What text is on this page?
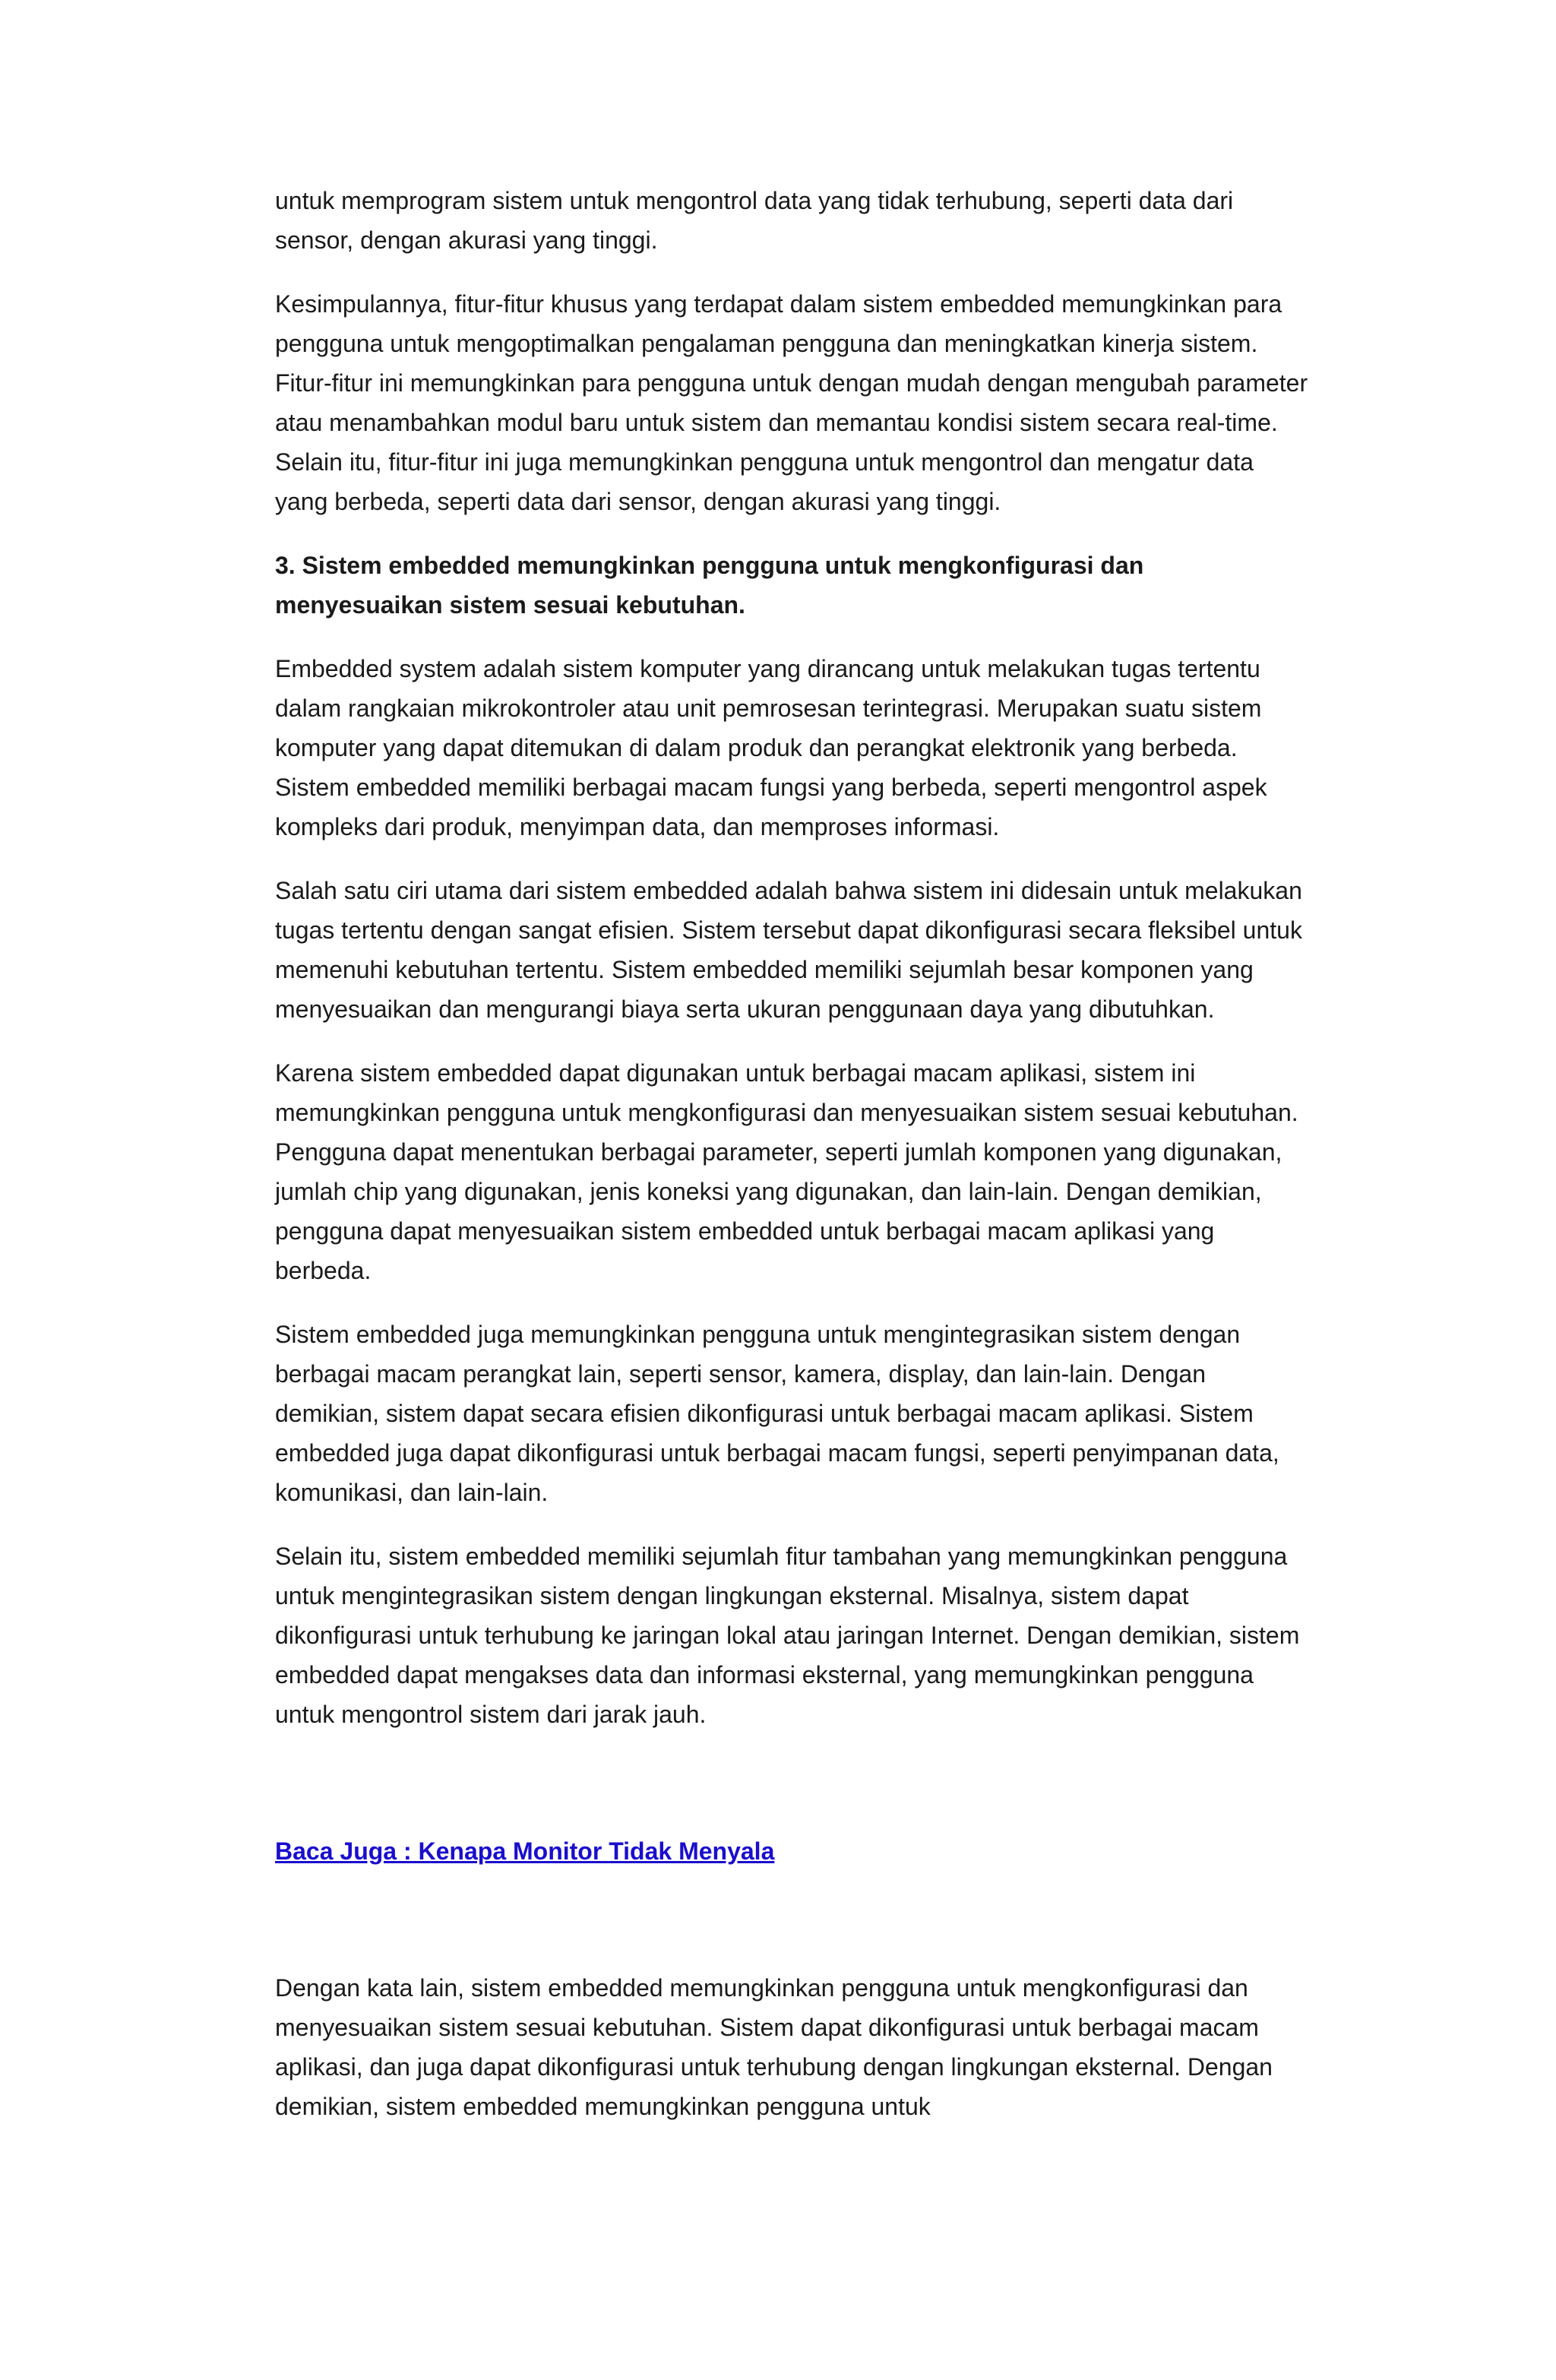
untuk memprogram sistem untuk mengontrol data yang tidak terhubung, seperti data dari sensor, dengan akurasi yang tinggi.

Kesimpulannya, fitur-fitur khusus yang terdapat dalam sistem embedded memungkinkan para pengguna untuk mengoptimalkan pengalaman pengguna dan meningkatkan kinerja sistem. Fitur-fitur ini memungkinkan para pengguna untuk dengan mudah dengan mengubah parameter atau menambahkan modul baru untuk sistem dan memantau kondisi sistem secara real-time. Selain itu, fitur-fitur ini juga memungkinkan pengguna untuk mengontrol dan mengatur data yang berbeda, seperti data dari sensor, dengan akurasi yang tinggi.

3. Sistem embedded memungkinkan pengguna untuk mengkonfigurasi dan menyesuaikan sistem sesuai kebutuhan.

Embedded system adalah sistem komputer yang dirancang untuk melakukan tugas tertentu dalam rangkaian mikrokontroler atau unit pemrosesan terintegrasi. Merupakan suatu sistem komputer yang dapat ditemukan di dalam produk dan perangkat elektronik yang berbeda. Sistem embedded memiliki berbagai macam fungsi yang berbeda, seperti mengontrol aspek kompleks dari produk, menyimpan data, dan memproses informasi.

Salah satu ciri utama dari sistem embedded adalah bahwa sistem ini didesain untuk melakukan tugas tertentu dengan sangat efisien. Sistem tersebut dapat dikonfigurasi secara fleksibel untuk memenuhi kebutuhan tertentu. Sistem embedded memiliki sejumlah besar komponen yang menyesuaikan dan mengurangi biaya serta ukuran penggunaan daya yang dibutuhkan.

Karena sistem embedded dapat digunakan untuk berbagai macam aplikasi, sistem ini memungkinkan pengguna untuk mengkonfigurasi dan menyesuaikan sistem sesuai kebutuhan. Pengguna dapat menentukan berbagai parameter, seperti jumlah komponen yang digunakan, jumlah chip yang digunakan, jenis koneksi yang digunakan, dan lain-lain. Dengan demikian, pengguna dapat menyesuaikan sistem embedded untuk berbagai macam aplikasi yang berbeda.

Sistem embedded juga memungkinkan pengguna untuk mengintegrasikan sistem dengan berbagai macam perangkat lain, seperti sensor, kamera, display, dan lain-lain. Dengan demikian, sistem dapat secara efisien dikonfigurasi untuk berbagai macam aplikasi. Sistem embedded juga dapat dikonfigurasi untuk berbagai macam fungsi, seperti penyimpanan data, komunikasi, dan lain-lain.

Selain itu, sistem embedded memiliki sejumlah fitur tambahan yang memungkinkan pengguna untuk mengintegrasikan sistem dengan lingkungan eksternal. Misalnya, sistem dapat dikonfigurasi untuk terhubung ke jaringan lokal atau jaringan Internet. Dengan demikian, sistem embedded dapat mengakses data dan informasi eksternal, yang memungkinkan pengguna untuk mengontrol sistem dari jarak jauh.

Baca Juga : Kenapa Monitor Tidak Menyala

Dengan kata lain, sistem embedded memungkinkan pengguna untuk mengkonfigurasi dan menyesuaikan sistem sesuai kebutuhan. Sistem dapat dikonfigurasi untuk berbagai macam aplikasi, dan juga dapat dikonfigurasi untuk terhubung dengan lingkungan eksternal. Dengan demikian, sistem embedded memungkinkan pengguna untuk
